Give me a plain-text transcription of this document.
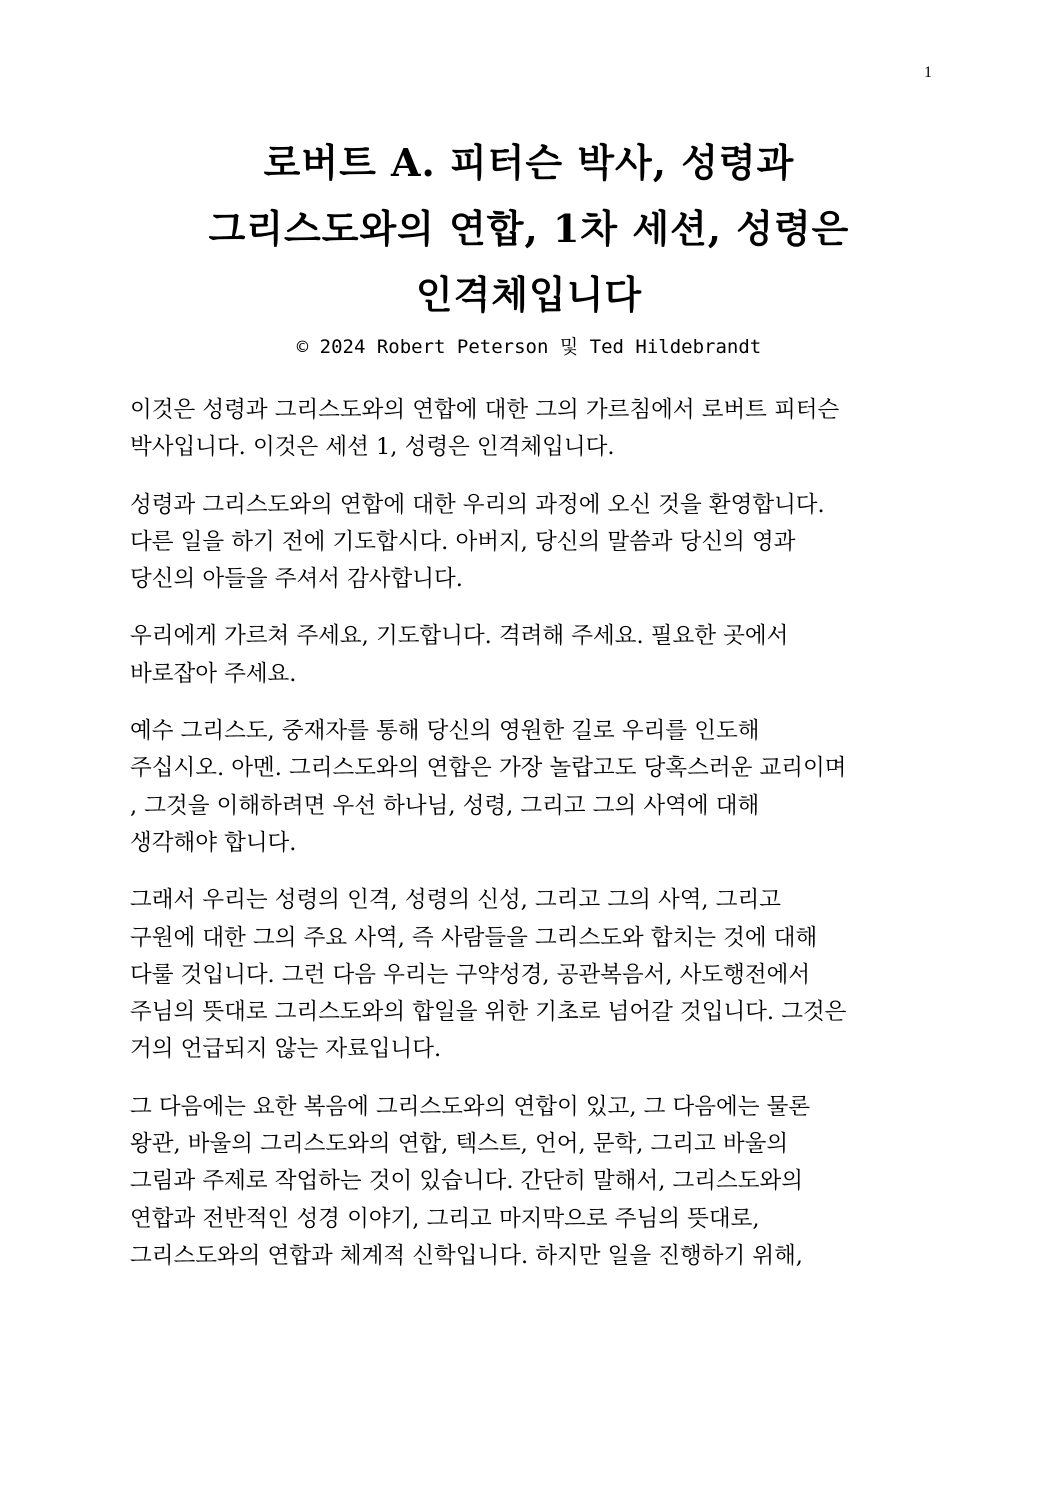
1
로버트 A. 피터슨 박사, 성령과
그리스도와의 연합, 1차 세션, 성령은
인격체입니다
© 2024 Robert Peterson 및 Ted Hildebrandt
이것은 성령과 그리스도와의 연합에 대한 그의 가르침에서 로버트 피터슨
박사입니다. 이것은 세션 1, 성령은 인격체입니다.
성령과 그리스도와의 연합에 대한 우리의 과정에 오신 것을 환영합니다.
다른 일을 하기 전에 기도합시다. 아버지, 당신의 말씀과 당신의 영과
당신의 아들을 주셔서 감사합니다.
우리에게 가르쳐 주세요, 기도합니다. 격려해 주세요. 필요한 곳에서
바로잡아 주세요.
예수 그리스도, 중재자를 통해 당신의 영원한 길로 우리를 인도해
주십시오. 아멘. 그리스도와의 연합은 가장 놀랍고도 당혹스러운 교리이며
, 그것을 이해하려면 우선 하나님, 성령, 그리고 그의 사역에 대해
생각해야 합니다.
그래서 우리는 성령의 인격, 성령의 신성, 그리고 그의 사역, 그리고
구원에 대한 그의 주요 사역, 즉 사람들을 그리스도와 합치는 것에 대해
다룰 것입니다. 그런 다음 우리는 구약성경, 공관복음서, 사도행전에서
주님의 뜻대로 그리스도와의 합일을 위한 기초로 넘어갈 것입니다. 그것은
거의 언급되지 않는 자료입니다.
그 다음에는 요한 복음에 그리스도와의 연합이 있고, 그 다음에는 물론
왕관, 바울의 그리스도와의 연합, 텍스트, 언어, 문학, 그리고 바울의
그림과 주제로 작업하는 것이 있습니다. 간단히 말해서, 그리스도와의
연합과 전반적인 성경 이야기, 그리고 마지막으로 주님의 뜻대로,
그리스도와의 연합과 체계적 신학입니다. 하지만 일을 진행하기 위해,
